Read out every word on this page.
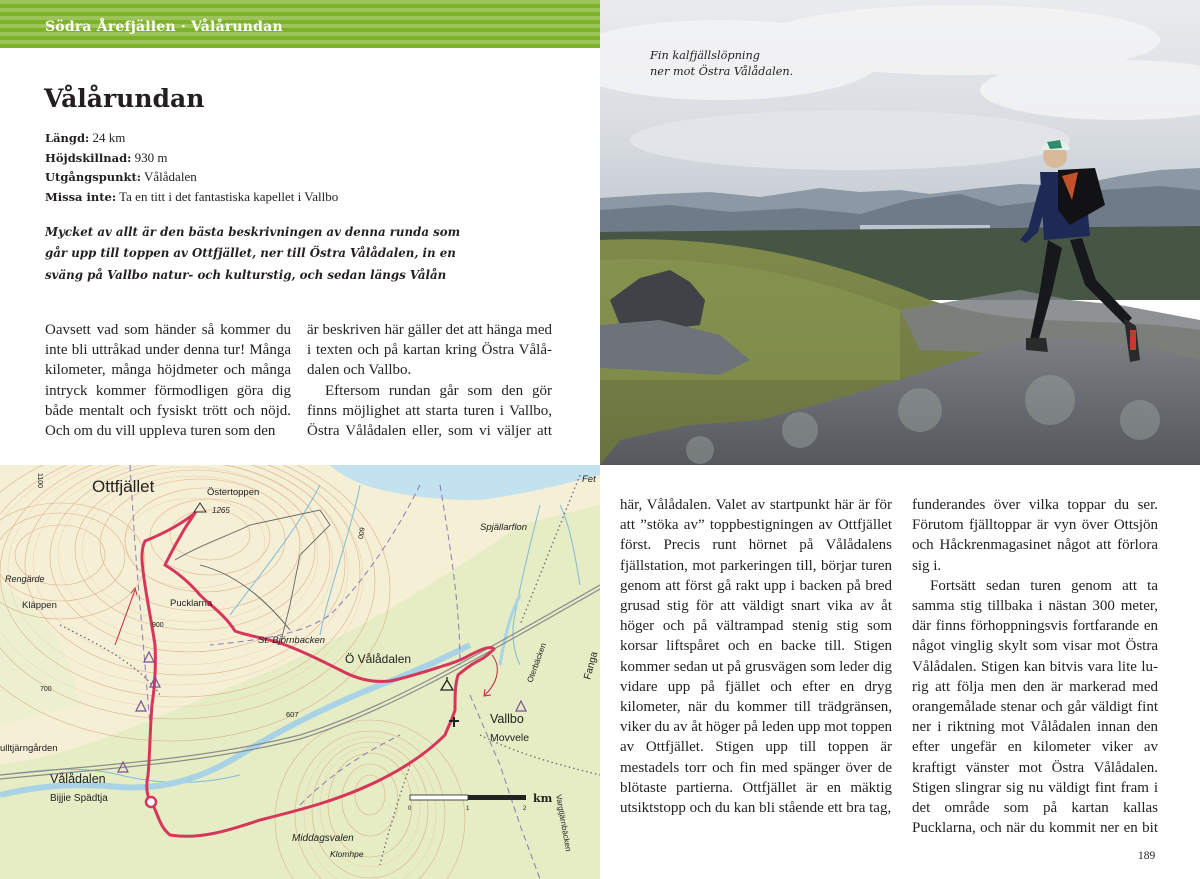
Södra Årefjällen · Vålårundan
Vålårundan
Längd: 24 km
Höjdskillnad: 930 m
Utgångspunkt: Vålådalen
Missa inte: Ta en titt i det fantastiska kapellet i Vallbo

Mycket av allt är den bästa beskrivningen av denna runda som går upp till toppen av Ottfjället, ner till Östra Vålådalen, in en sväng på Vallbo natur- och kulturstig, och sedan längs Vålån

Oavsett vad som händer så kommer du inte bli uttråkad under denna tur! Många kilometer, många höjdmeter och många intryck kommer förmodligen göra dig både mentalt och fysiskt trött och nöjd. Och om du vill uppleva turen som den

är beskriven här gäller det att hänga med i texten och på kartan kring Östra Vålådalen och Vallbo.

Eftersom rundan går som den gör finns möjlighet att starta turen i Vallbo, Östra Vålådalen eller, som vi väljer att

här, Vålådalen. Valet av startpunkt här är för att ”stöka av” toppbestigningen av Ottfjället först. Precis runt hörnet på Vålådalens fjällstation, mot parkeringen till, börjar turen genom att först gå rakt upp i backen på bred grusad stig för att väldigt snart vika av åt höger och på vältrampad stenig stig som korsar liftspåret och en backe till. Stigen kommer sedan ut på grusvägen som leder dig vidare upp på fjället och efter en dryg kilometer, när du kommer till trädgränsen, viker du av åt höger på leden upp mot toppen av Ottfjället. Stigen upp till toppen är mestadels torr och fin med spänger över de blötaste partierna. Ottfjället är en mäktig utsiktstopp och du kan bli stående ett bra tag,

funderandes över vilka toppar du ser. Förutom fjälltoppar är vyn över Ottsjön och Håckrenmagasinet något att förlora sig i.

Fortsätt sedan turen genom att ta samma stig tillbaka i nästan 300 meter, där finns förhoppningsvis fortfarande en något vinglig skylt som visar mot Östra Vålådalen. Stigen kan bitvis vara lite lurig att följa men den är markerad med orangemålade stenar och går väldigt fint ner i riktning mot Vålådalen innan den efter ungefär en kilometer viker av kraftigt vänster mot Östra Vålådalen. Stigen slingrar sig nu väldigt fint fram i det område som på kartan kallas Pucklarna, och när du kommit ner en bit

189
Fin kalfjällslöpning
ner mot Östra Vålådalen.
Ottfjället	Östertoppen
1265
Rengärde
Kläppen	Pucklarna
St. Björnbacken
Ö Vålådalen
Spjällarflon
Fet
Fanga
Oterbäcken
Vargtjärnbäcken
ulltjärngården
Vålådalen
Bijjie Spädtja
Vallbo
Movvele
Middagsvalen
Klomhpe
1100
900
700
600
607
0	1	2
km
